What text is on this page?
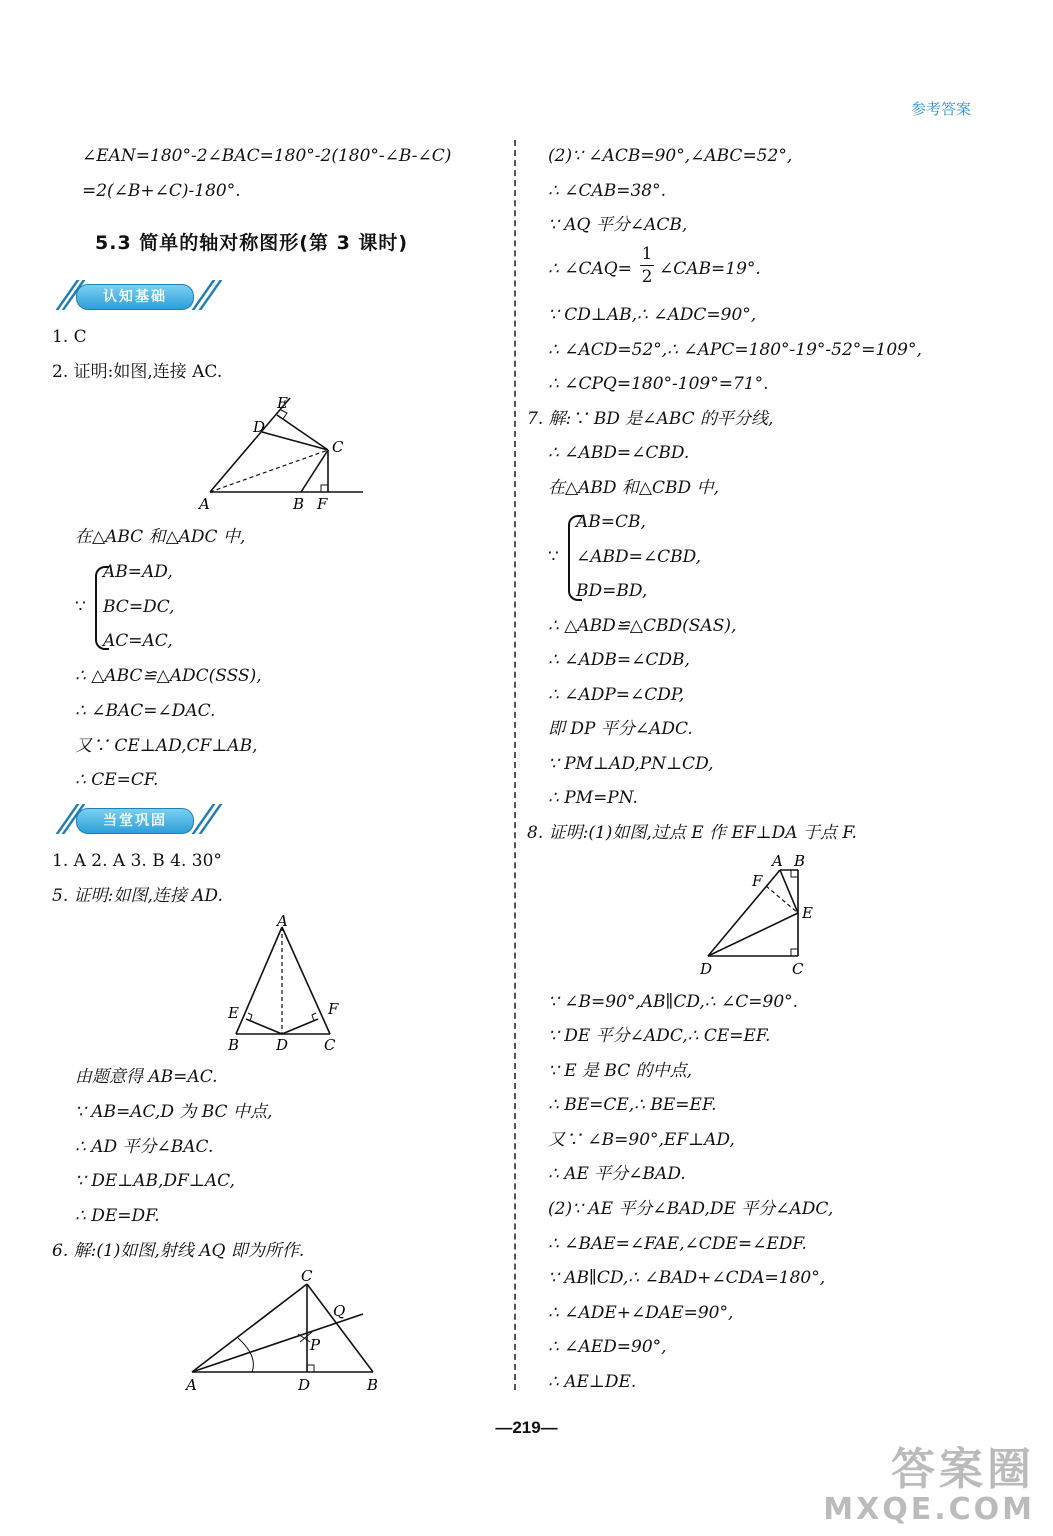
参考答案
∠EAN=180°-2∠BAC=180°-2(180°-∠B-∠C)
=2(∠B+∠C)-180°.
5.3 简单的轴对称图形(第 3 课时)
认知基础
1. C
2. 证明:如图,连接 AC.
A	B
C
D
E
F
在△ABC 和△ADC 中,
∵
AB=AD,
BC=DC,
AC=AC,
∴ △ABC≌△ADC(SSS),
∴ ∠BAC=∠DAC.
又∵ CE⊥AD,CF⊥AB,
∴ CE=CF.
当堂巩固
1. A 2. A 3. B 4. 30°
5. 证明:如图,连接 AD.
A
B	C
D
E	F
由题意得 AB=AC.
∵ AB=AC,D 为 BC 中点,
∴ AD 平分∠BAC.
∵ DE⊥AB,DF⊥AC,
∴ DE=DF.
6. 解:(1)如图,射线 AQ 即为所作.
A	B
C
D
P
Q
(2)∵ ∠ACB=90°,∠ABC=52°,
∴ ∠CAB=38°.
∵ AQ 平分∠ACB,
∴ ∠CAQ=
1
2 ∠CAB=19°.
∵ CD⊥AB,∴ ∠ADC=90°,
∴ ∠ACD=52°,∴ ∠APC=180°-19°-52°=109°,
∴ ∠CPQ=180°-109°=71°.
7. 解:∵ BD 是∠ABC 的平分线,
∴ ∠ABD=∠CBD.
在△ABD 和△CBD 中,
∵
AB=CB,
∠ABD=∠CBD,
BD=BD,
∴ △ABD≌△CBD(SAS),
∴ ∠ADB=∠CDB,
∴ ∠ADP=∠CDP,
即 DP 平分∠ADC.
∵ PM⊥AD,PN⊥CD,
∴ PM=PN.
8. 证明:(1)如图,过点 E 作 EF⊥DA 于点 F.
A B
C
D
E
F
∵ ∠B=90°,AB∥CD,∴ ∠C=90°.
∵ DE 平分∠ADC,∴ CE=EF.
∵ E 是 BC 的中点,
∴ BE=CE,∴ BE=EF.
又∵ ∠B=90°,EF⊥AD,
∴ AE 平分∠BAD.
(2)∵ AE 平分∠BAD,DE 平分∠ADC,
∴ ∠BAE=∠FAE,∠CDE=∠EDF.
∵ AB∥CD,∴ ∠BAD+∠CDA=180°,
∴ ∠ADE+∠DAE=90°,
∴ ∠AED=90°,
∴ AE⊥DE.
—219—
答案圈
MXQE.COM
